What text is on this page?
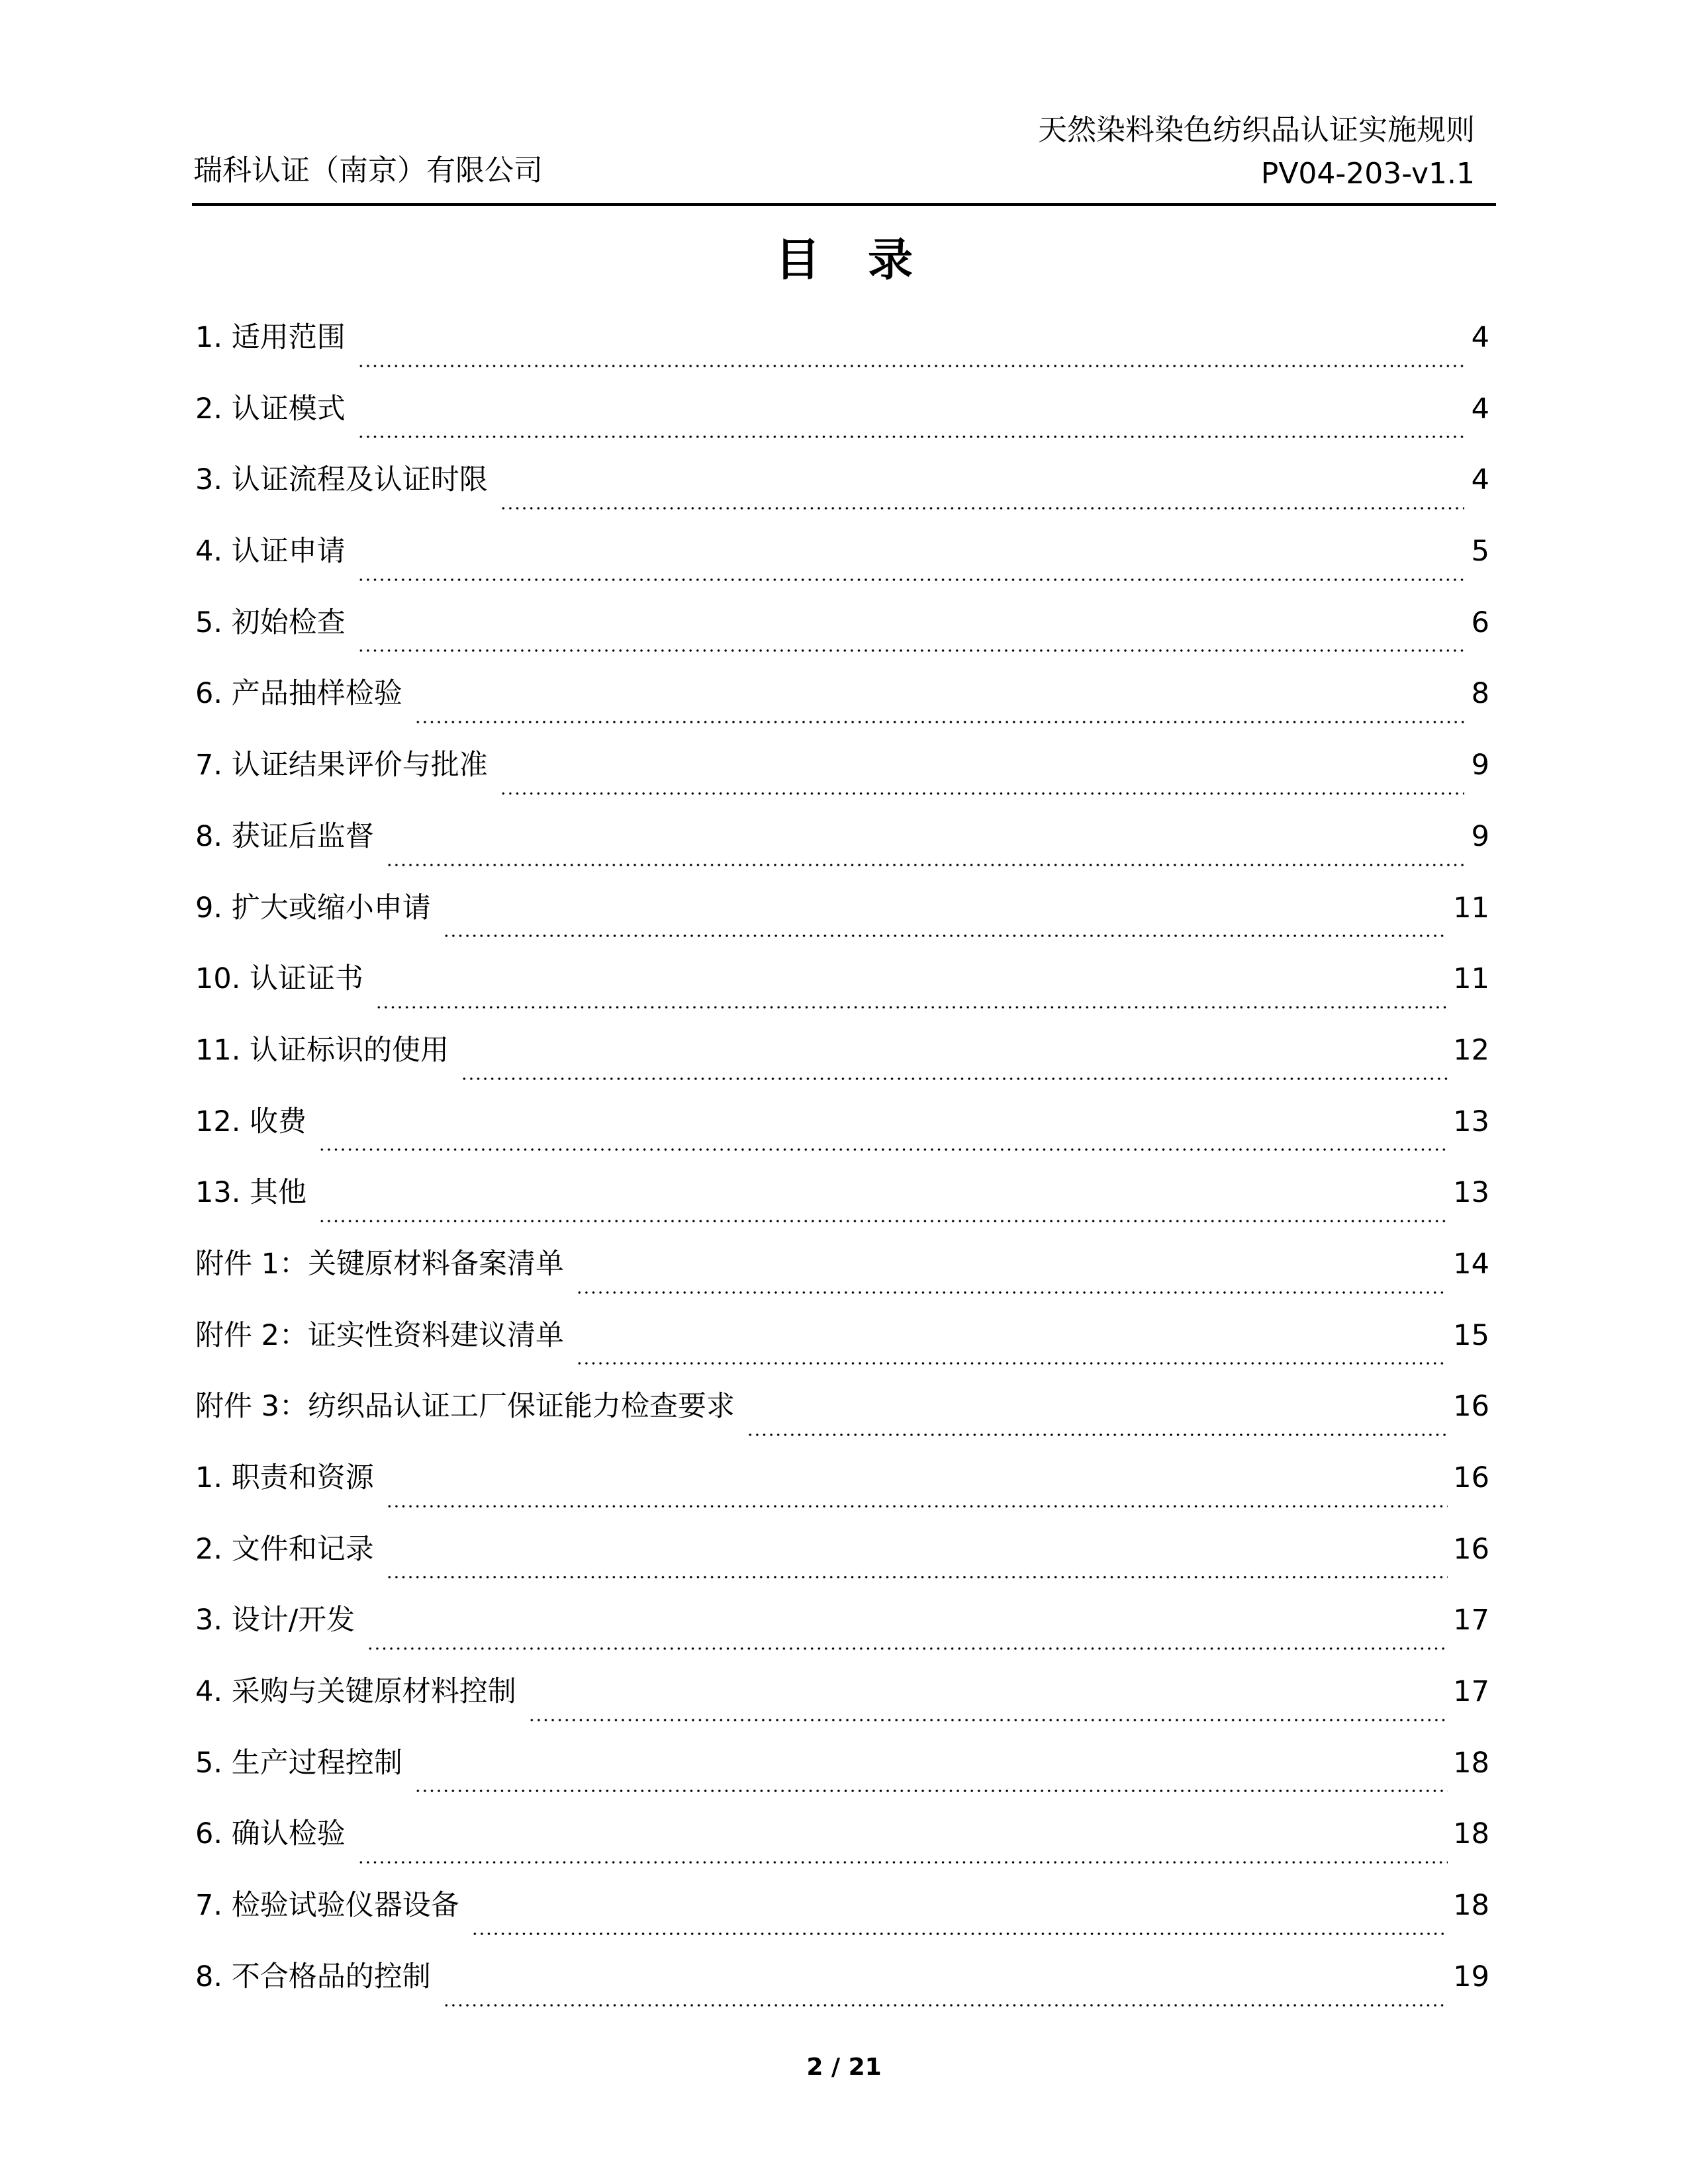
瑞科认证（南京）有限公司
天然染料染色纺织品认证实施规则
PV04-203-v1.1
目录
1. 适用范围	4
2. 认证模式	4
3. 认证流程及认证时限	4
4. 认证申请	5
5. 初始检查	6
6. 产品抽样检验	8
7. 认证结果评价与批准	9
8. 获证后监督	9
9. 扩大或缩小申请	11
10. 认证证书	11
11. 认证标识的使用	12
12. 收费	13
13. 其他	13
附件 1：关键原材料备案清单	14
附件 2：证实性资料建议清单	15
附件 3：纺织品认证工厂保证能力检查要求	16
1. 职责和资源	16
2. 文件和记录	16
3. 设计/开发	17
4. 采购与关键原材料控制	17
5. 生产过程控制	18
6. 确认检验	18
7. 检验试验仪器设备	18
8. 不合格品的控制	19
2 / 21
